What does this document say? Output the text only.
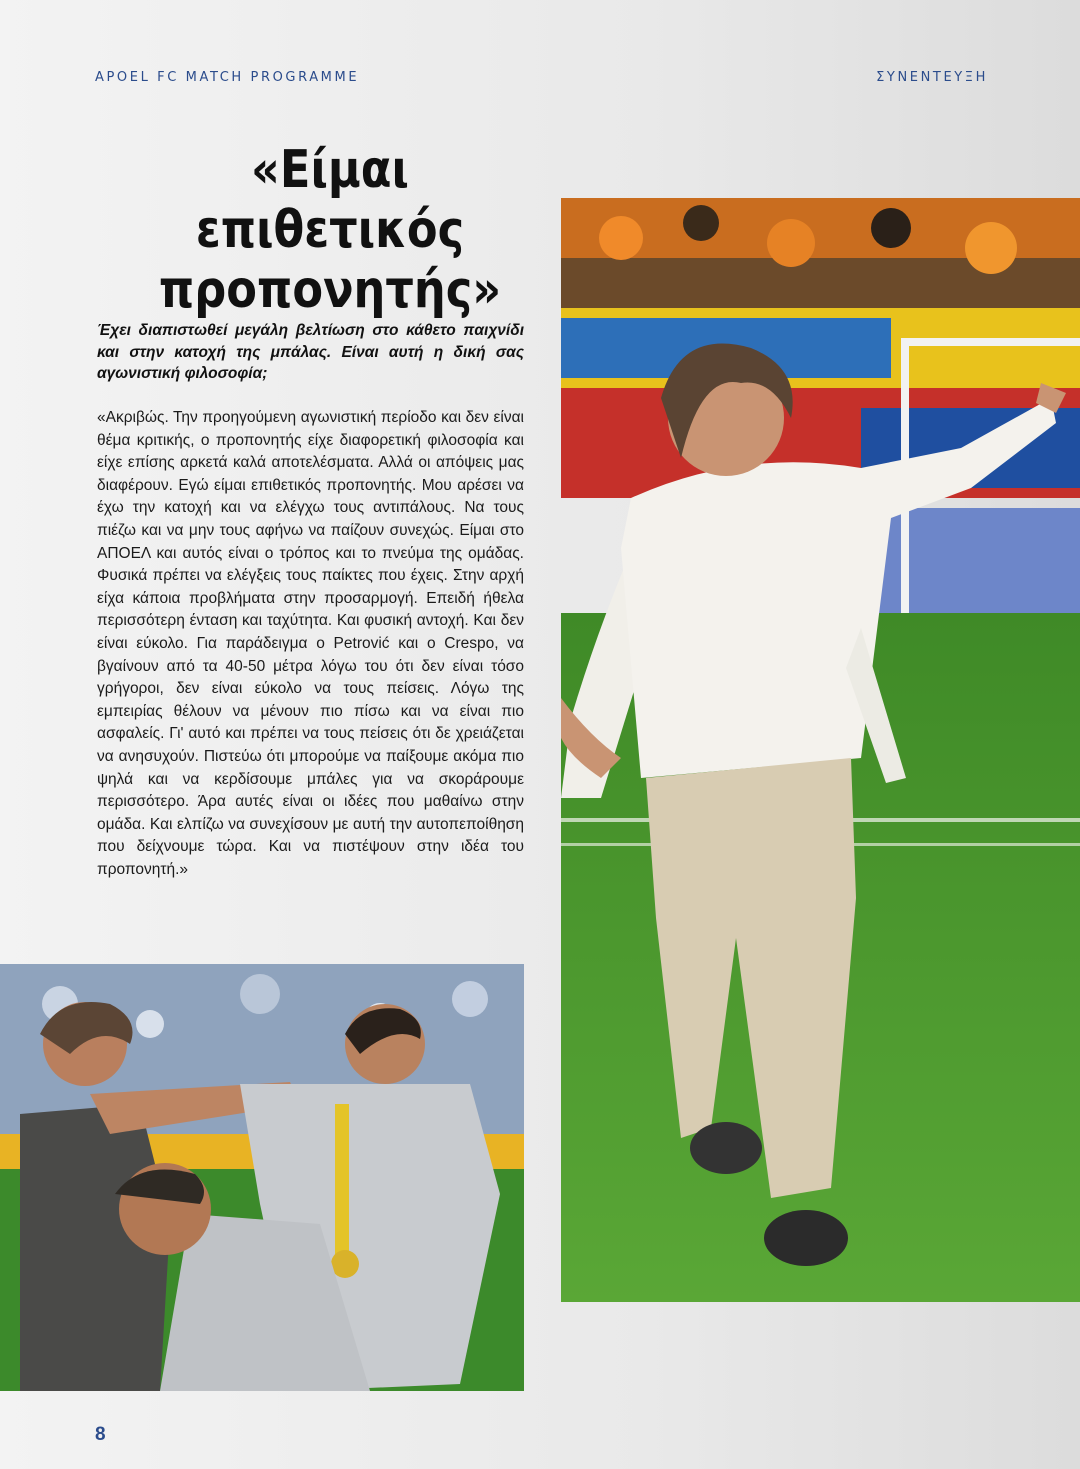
APOEL FC MATCH PROGRAMME	ΣΥΝΕΝΤΕΥΞΗ
«Είμαι επιθετικός
προπονητής»
Έχει διαπιστωθεί μεγάλη βελτίωση στο κάθετο παιχνίδι και στην κατοχή της μπάλας. Είναι αυτή η δική σας αγωνιστική φιλοσοφία;
«Ακριβώς. Την προηγούμενη αγωνιστική περίοδο και δεν είναι θέμα κριτικής, ο προπονητής είχε διαφορετική φιλοσοφία και είχε επίσης αρκετά καλά αποτελέσματα. Αλλά οι απόψεις μας διαφέρουν. Εγώ είμαι επιθετικός προπονητής. Μου αρέσει να έχω την κατοχή και να ελέγχω τους αντιπάλους. Να τους πιέζω και να μην τους αφήνω να παίζουν συνεχώς. Είμαι στο ΑΠΟΕΛ και αυτός είναι ο τρόπος και το πνεύμα της ομάδας. Φυσικά πρέπει να ελέγξεις τους παίκτες που έχεις. Στην αρχή είχα κάποια προβλήματα στην προσαρμογή. Επειδή ήθελα περισσότερη ένταση και ταχύτητα. Και φυσική αντοχή. Και δεν είναι εύκολο. Για παράδειγμα ο Petrović και ο Crespo, να βγαίνουν από τα 40-50 μέτρα λόγω του ότι δεν είναι τόσο γρήγοροι, δεν είναι εύκολο να τους πείσεις. Λόγω της εμπειρίας θέλουν να μένουν πιο πίσω και να είναι πιο ασφαλείς. Γι' αυτό και πρέπει να τους πείσεις ότι δε χρειάζεται να ανησυχούν. Πιστεύω ότι μπορούμε να παίξουμε ακόμα πιο ψηλά και να κερδίσουμε μπάλες για να σκοράρουμε περισσότερο. Άρα αυτές είναι οι ιδέες που μαθαίνω στην ομάδα. Και ελπίζω να συνεχίσουν με αυτή την αυτοπεποίθηση που δείχνουμε τώρα. Και να πιστέψουν στην ιδέα του προπονητή.»
8
